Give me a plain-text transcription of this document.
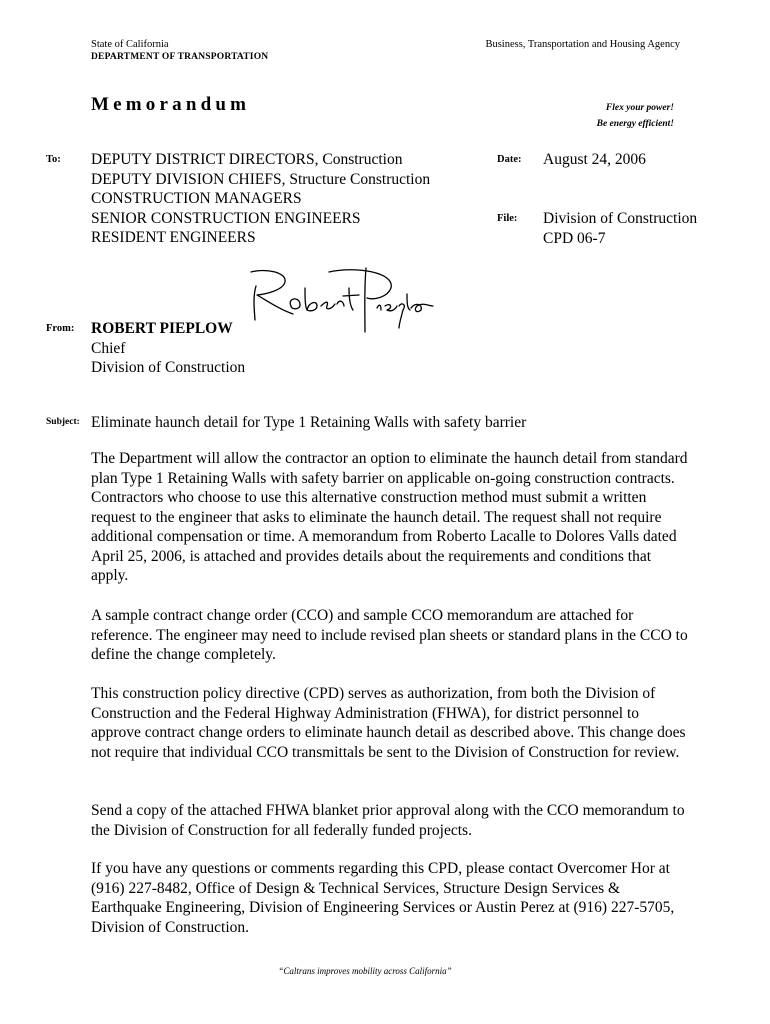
State of California
DEPARTMENT OF TRANSPORTATION
Business, Transportation and Housing Agency
Memorandum	Flex your power!
Be energy efficient!
To: DEPUTY DISTRICT DIRECTORS, Construction
DEPUTY DIVISION CHIEFS, Structure Construction
CONSTRUCTION MANAGERS
SENIOR CONSTRUCTION ENGINEERS
RESIDENT ENGINEERS
Date: August 24, 2006
File: Division of Construction
CPD 06-7
From: ROBERT PIEPLOW
Chief
Division of Construction
Subject: Eliminate haunch detail for Type 1 Retaining Walls with safety barrier
The Department will allow the contractor an option to eliminate the haunch detail from standard plan Type 1 Retaining Walls with safety barrier on applicable on-going construction contracts. Contractors who choose to use this alternative construction method must submit a written request to the engineer that asks to eliminate the haunch detail. The request shall not require additional compensation or time. A memorandum from Roberto Lacalle to Dolores Valls dated April 25, 2006, is attached and provides details about the requirements and conditions that apply.
A sample contract change order (CCO) and sample CCO memorandum are attached for reference. The engineer may need to include revised plan sheets or standard plans in the CCO to define the change completely.
This construction policy directive (CPD) serves as authorization, from both the Division of Construction and the Federal Highway Administration (FHWA), for district personnel to approve contract change orders to eliminate haunch detail as described above. This change does not require that individual CCO transmittals be sent to the Division of Construction for review.
Send a copy of the attached FHWA blanket prior approval along with the CCO memorandum to the Division of Construction for all federally funded projects.
If you have any questions or comments regarding this CPD, please contact Overcomer Hor at (916) 227-8482, Office of Design & Technical Services, Structure Design Services & Earthquake Engineering, Division of Engineering Services or Austin Perez at (916) 227-5705, Division of Construction.
“Caltrans improves mobility across California”
